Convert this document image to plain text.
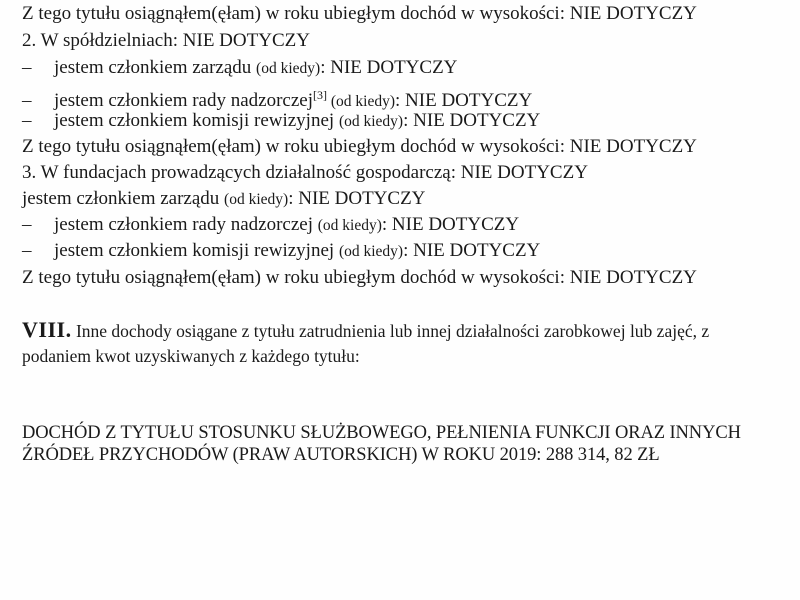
Z tego tytułu osiągnąłem(ęłam) w roku ubiegłym dochód w wysokości: NIE DOTYCZY
2. W spółdzielniach: NIE DOTYCZY
– jestem członkiem zarządu (od kiedy): NIE DOTYCZY
– jestem członkiem rady nadzorczej[3] (od kiedy): NIE DOTYCZY
– jestem członkiem komisji rewizyjnej (od kiedy): NIE DOTYCZY
Z tego tytułu osiągnąłem(ęłam) w roku ubiegłym dochód w wysokości: NIE DOTYCZY
3. W fundacjach prowadzących działalność gospodarczą: NIE DOTYCZY
jestem członkiem zarządu (od kiedy): NIE DOTYCZY
– jestem członkiem rady nadzorczej (od kiedy): NIE DOTYCZY
– jestem członkiem komisji rewizyjnej (od kiedy): NIE DOTYCZY
Z tego tytułu osiągnąłem(ęłam) w roku ubiegłym dochód w wysokości: NIE DOTYCZY
VIII. Inne dochody osiągane z tytułu zatrudnienia lub innej działalności zarobkowej lub zajęć, z
podaniem kwot uzyskiwanych z każdego tytułu:
DOCHÓD Z TYTUŁU STOSUNKU SŁUŻBOWEGO, PEŁNIENIA FUNKCJI ORAZ INNYCH
ŹRÓDEŁ PRZYCHODÓW (PRAW AUTORSKICH) W ROKU 2019: 288 314, 82 ZŁ
